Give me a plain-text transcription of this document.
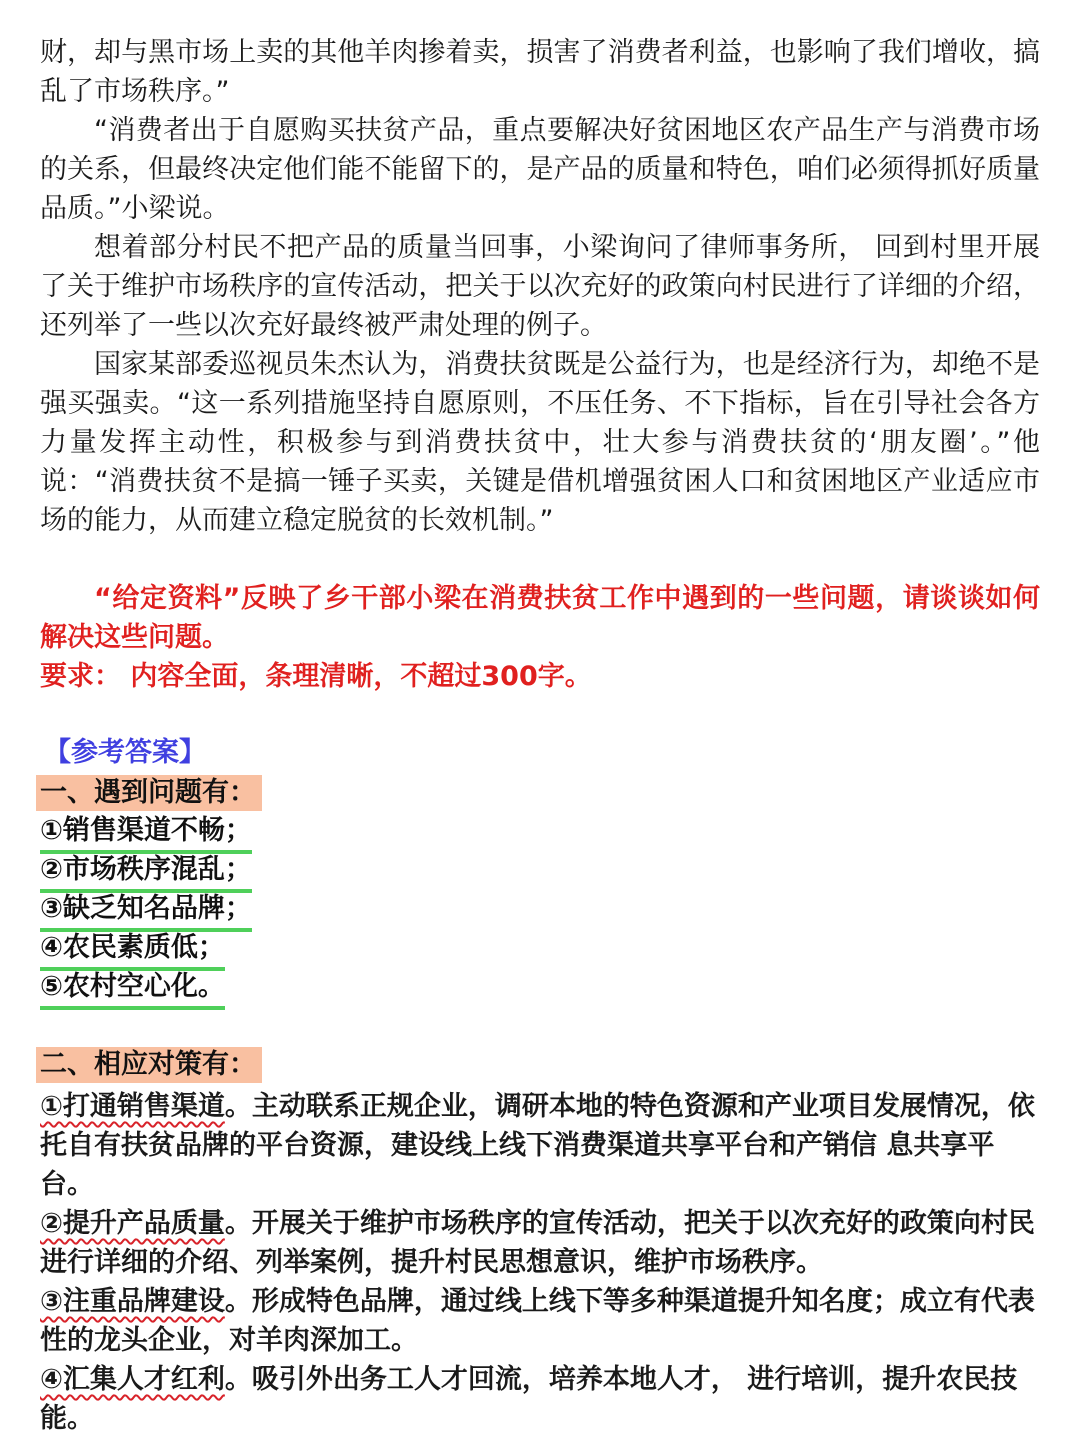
财，却与黑市场上卖的其他羊肉掺着卖，损害了消费者利益，也影响了我们增收，搞乱了市场秩序。”

“消费者出于自愿购买扶贫产品，重点要解决好贫困地区农产品生产与消费市场的关系，但最终决定他们能不能留下的，是产品的质量和特色，咱们必须得抓好质量品质。”小梁说。

想着部分村民不把产品的质量当回事，小梁询问了律师事务所， 回到村里开展了关于维护市场秩序的宣传活动，把关于以次充好的政策向村民进行了详细的介绍，还列举了一些以次充好最终被严肃处理的例子。

国家某部委巡视员朱杰认为，消费扶贫既是公益行为，也是经济行为，却绝不是强买强卖。“这一系列措施坚持自愿原则，不压任务、不下指标，旨在引导社会各方力量发挥主动性，积极参与到消费扶贫中，壮大参与消费扶贫的‘朋友圈’。”他说：“消费扶贫不是搞一锤子买卖，关键是借机增强贫困人口和贫困地区产业适应市场的能力，从而建立稳定脱贫的长效机制。”

“给定资料”反映了乡干部小梁在消费扶贫工作中遇到的一些问题，请谈谈如何解决这些问题。

要求： 内容全面，条理清晰，不超过300字。

【参考答案】
一、遇到问题有：
①销售渠道不畅；
②市场秩序混乱；
③缺乏知名品牌；
④农民素质低；
⑤农村空心化。
二、相应对策有：

①打通销售渠道。主动联系正规企业，调研本地的特色资源和产业项目发展情况，依托自有扶贫品牌的平台资源，建设线上线下消费渠道共享平台和产销信 息共享平台。

②提升产品质量。开展关于维护市场秩序的宣传活动，把关于以次充好的政策向村民进行详细的介绍、列举案例，提升村民思想意识，维护市场秩序。

③注重品牌建设。形成特色品牌，通过线上线下等多种渠道提升知名度；成立有代表性的龙头企业，对羊肉深加工。

④汇集人才红利。吸引外出务工人才回流，培养本地人才， 进行培训，提升农民技能。
